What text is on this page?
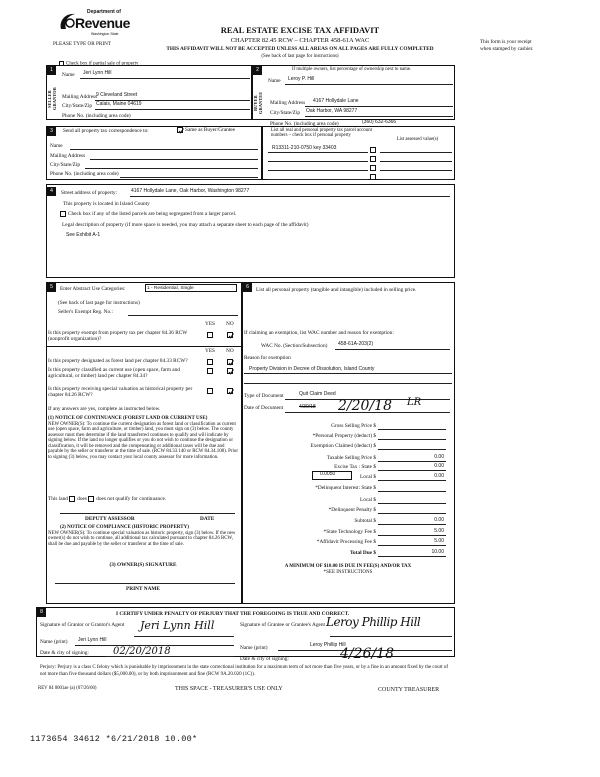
Department of
Revenue
Washington State
PLEASE TYPE OR PRINT
REAL ESTATE EXCISE TAX AFFIDAVIT
CHAPTER 82.45 RCW – CHAPTER 458-61A WAC
THIS AFFIDAVIT WILL NOT BE ACCEPTED UNLESS ALL AREAS ON ALL PAGES ARE FULLY COMPLETED
(See back of last page for instructions)
This form is your receipt
when stamped by cashier.
1
Check box if partial sale of property
Name Jeri Lynn Hill
SELLER GRANTOR Mailing Address
9 Cleveland Street
City/State/Zip Calais, Maine 04619
Phone No. (including area code)
2	If multiple owners, list percentage of ownership next to name.
Name Leroy P. Hill
BUYER GRANTEE Mailing Address 4167 Hollydale Lane
City/State/Zip Oak Harbor, WA 98277
Phone No. (including area code)	(360) 632-6366
3	Send all property tax correspondence to:	Same as Buyer/Grantee
Name
Mailing Address
City/State/Zip
Phone No. (including area code)
List all real and personal property tax parcel account numbers – check box if personal property
List assessed value(s)
R13311-210-0750 key 33403
4	Street address of property:	4167 Hollydale Lane, Oak Harbor, Washington 98277
This property is located in Island County
Check box if any of the listed parcels are being segregated from a larger parcel.
Legal description of property (if more space is needed, you may attach a separate sheet to each page of the affidavit)
See Exhibit A-1
5	Enter Abstract Use Categories:	1 - Residential, Single
(See back of last page for instructions)
Seller's Exempt Reg. No.:
YES NO
Is this property exempt from property tax per chapter 84.36 RCW (nonprofit organization)?
YES NO
Is this property designated as forest land per chapter 84.33 RCW?
Is this property classified as current use (open space, farm and agricultural, or timber) land per chapter 84.34?
Is this property receiving special valuation as historical property per chapter 84.26 RCW?
If any answers are yes, complete as instructed below.
(1) NOTICE OF CONTINUANCE (FOREST LAND OR CURRENT USE)
NEW OWNER(S): To continue the current designation as forest land or classification as current use (open space, farm and agriculture, or timber) land, you must sign on (3) below. The county assessor must then determine if the land transferred continues to qualify and will indicate by signing below. If the land no longer qualifies or you do not wish to continue the designation or classification, it will be removed and the compensating or additional taxes will be due and payable by the seller or transferor at the time of sale. (RCW 84.33.140 or RCW 84.34.108). Prior to signing (3) below, you may contact your local county assessor for more information.
This land does does not qualify for continuance.
DEPUTY ASSESSOR	DATE
(2) NOTICE OF COMPLIANCE (HISTORIC PROPERTY)
NEW OWNER(S): To continue special valuation as historic property, sign (3) below. If the new owner(s) do not wish to continue, all additional tax calculated pursuant to chapter 84.26 RCW, shall be due and payable by the seller or transferor at the time of sale.
(3) OWNER(S) SIGNATURE
PRINT NAME
6	List all personal property (tangible and intangible) included in selling price.
If claiming an exemption, list WAC number and reason for exemption:
WAC No. (Section/Subsection) 458-61A-203(2)
Reason for exemption
Property Division in Decree of Dissolution, Island County
Type of Document	Quit Claim Deed
Date of Document	4/30/18 2/20/18 LR
Gross Selling Price $
*Personal Property (deduct) $
Exemption Claimed (deduct) $
Taxable Selling Price $	0.00
Excise Tax : State $	0.00
Local $	0.00
*Delinquent Interest: State $
Local $
*Delinquent Penalty $
Subtotal $	0.00
*State Technology Fee $	5.00
*Affidavit Processing Fee $	5.00
Total Due $	10.00
0.0050
A MINIMUM OF $10.00 IS DUE IN FEE(S) AND/OR TAX
*SEE INSTRUCTIONS
8	I CERTIFY UNDER PENALTY OF PERJURY THAT THE FOREGOING IS TRUE AND CORRECT.
Signature of Grantor or Grantor's Agent	Jeri Lynn Hill
Name (print) Jeri Lynn Hill
Date & city of signing: 02/20/2018
Signature of Grantee or Grantee's Agent Leroy Phillip Hill
Name (print)	Leroy Phillip Hill
Date & city of signing:	4/26/18
Perjury: Perjury is a class C felony which is punishable by imprisonment in the state correctional institution for a maximum term of not more than five years, or by a fine in an amount fixed by the court of not more than five thousand dollars ($5,000.00), or by both imprisonment and fine (RCW 9A.20.020 (1C)).
REV 84 0001ae (a) (07/26/00)	THIS SPACE - TREASURER'S USE ONLY	COUNTY TREASURER
1173654 34612 *6/21/2018 10.00*
